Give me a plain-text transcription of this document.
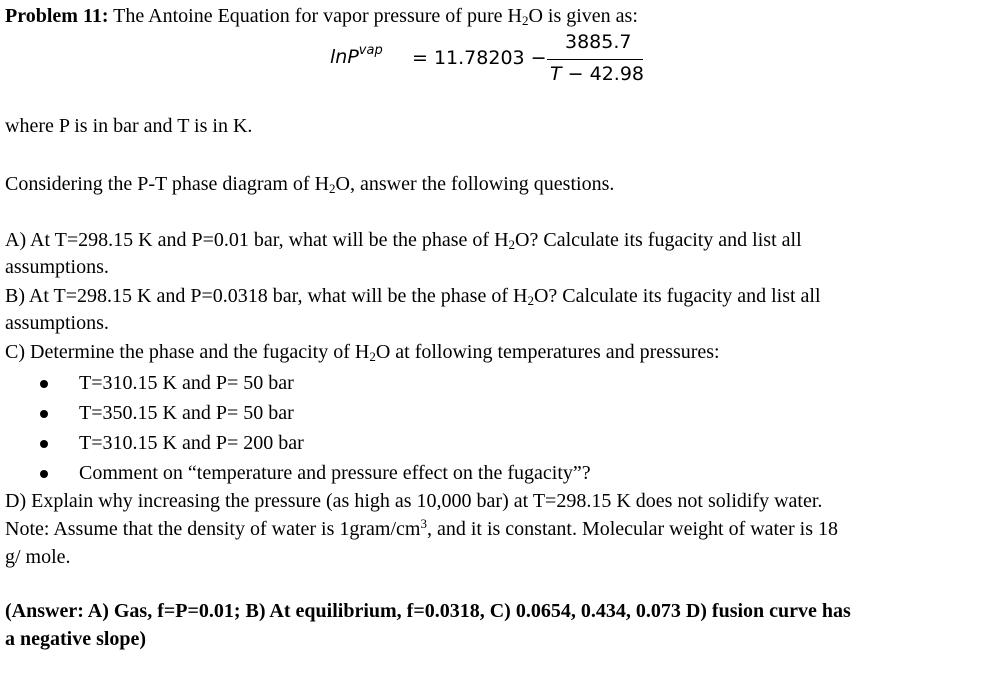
Problem 11: The Antoine Equation for vapor pressure of pure $H_2O$ is given as:
lnP$^{vap}$ = 11.78203 −
3885.7
T − 42.98
where P is in bar and T is in K.
Considering the P-T phase diagram of $H_2O$, answer the following questions.
A) At T=298.15 K and P=0.01 bar, what will be the phase of $H_2O$? Calculate its fugacity and list all
assumptions.
B) At T=298.15 K and P=0.0318 bar, what will be the phase of $H_2O$? Calculate its fugacity and list all
assumptions.
C) Determine the phase and the fugacity of $H_2O$ at following temperatures and pressures:
T=310.15 K and P= 50 bar
T=350.15 K and P= 50 bar
T=310.15 K and P= 200 bar
Comment on “temperature and pressure effect on the fugacity”?
D) Explain why increasing the pressure (as high as 10,000 bar) at T=298.15 K does not solidify water.
Note: Assume that the density of water is $1gram/cm^3$, and it is constant. Molecular weight of water is 18
g/ mole.
(Answer: A) Gas, f=P=0.01; B) At equilibrium, f=0.0318, C) 0.0654, 0.434, 0.073 D) fusion curve has
a negative slope)
